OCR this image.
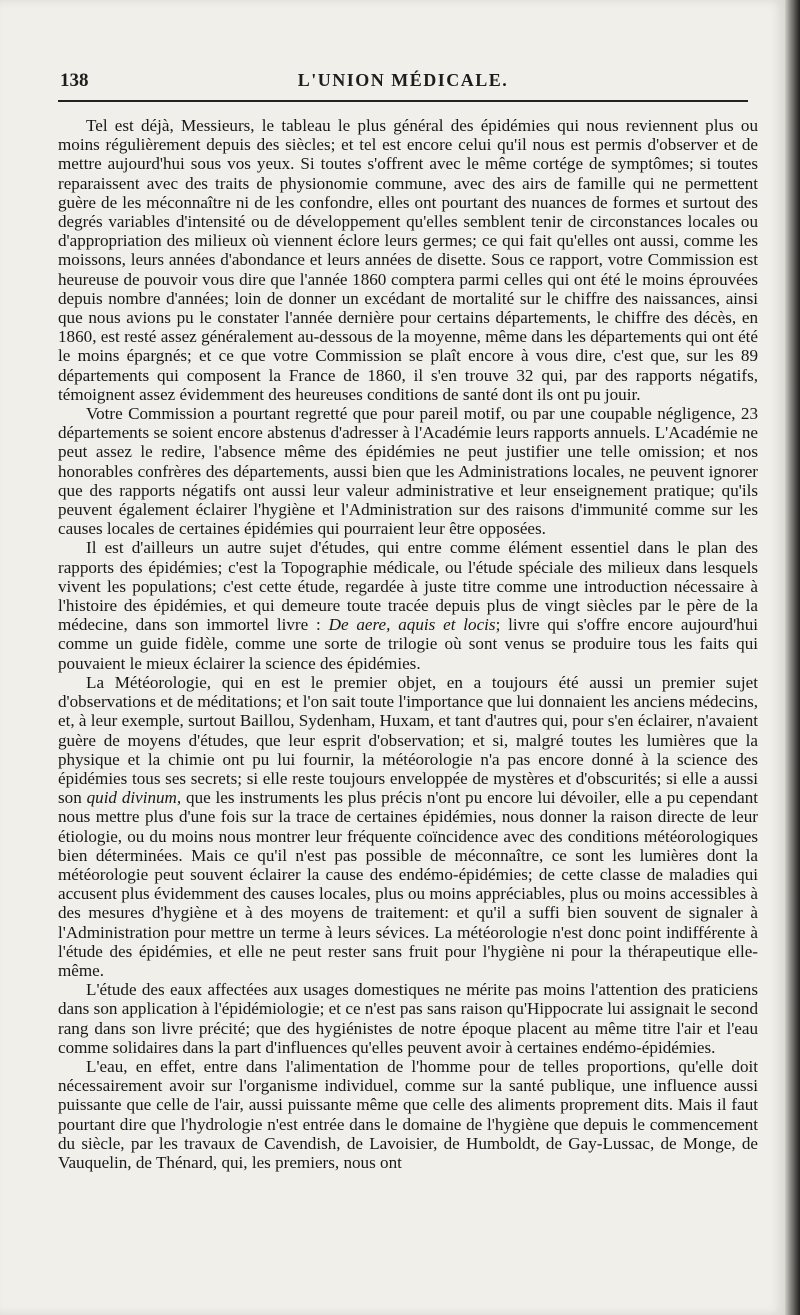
138	L'UNION MÉDICALE.

Tel est déjà, Messieurs, le tableau le plus général des épidémies qui nous reviennent plus ou moins régulièrement depuis des siècles; et tel est encore celui qu'il nous est permis d'observer et de mettre aujourd'hui sous vos yeux. Si toutes s'offrent avec le même cortége de symptômes; si toutes reparaissent avec des traits de physionomie commune, avec des airs de famille qui ne permettent guère de les méconnaître ni de les confondre, elles ont pourtant des nuances de formes et surtout des degrés variables d'intensité ou de développement qu'elles semblent tenir de circonstances locales ou d'appropriation des milieux où viennent éclore leurs germes; ce qui fait qu'elles ont aussi, comme les moissons, leurs années d'abondance et leurs années de disette. Sous ce rapport, votre Commission est heureuse de pouvoir vous dire que l'année 1860 comptera parmi celles qui ont été le moins éprouvées depuis nombre d'années; loin de donner un excédant de mortalité sur le chiffre des naissances, ainsi que nous avions pu le constater l'année dernière pour certains départements, le chiffre des décès, en 1860, est resté assez généralement au-dessous de la moyenne, même dans les départements qui ont été le moins épargnés; et ce que votre Commission se plaît encore à vous dire, c'est que, sur les 89 départements qui composent la France de 1860, il s'en trouve 32 qui, par des rapports négatifs, témoignent assez évidemment des heureuses conditions de santé dont ils ont pu jouir.

Votre Commission a pourtant regretté que pour pareil motif, ou par une coupable négligence, 23 départements se soient encore abstenus d'adresser à l'Académie leurs rapports annuels. L'Académie ne peut assez le redire, l'absence même des épidémies ne peut justifier une telle omission; et nos honorables confrères des départements, aussi bien que les Administrations locales, ne peuvent ignorer que des rapports négatifs ont aussi leur valeur administrative et leur enseignement pratique; qu'ils peuvent également éclairer l'hygiène et l'Administration sur des raisons d'immunité comme sur les causes locales de certaines épidémies qui pourraient leur être opposées.

Il est d'ailleurs un autre sujet d'études, qui entre comme élément essentiel dans le plan des rapports des épidémies; c'est la Topographie médicale, ou l'étude spéciale des milieux dans lesquels vivent les populations; c'est cette étude, regardée à juste titre comme une introduction nécessaire à l'histoire des épidémies, et qui demeure toute tracée depuis plus de vingt siècles par le père de la médecine, dans son immortel livre : De aere, aquis et locis; livre qui s'offre encore aujourd'hui comme un guide fidèle, comme une sorte de trilogie où sont venus se produire tous les faits qui pouvaient le mieux éclairer la science des épidémies.

La Météorologie, qui en est le premier objet, en a toujours été aussi un premier sujet d'observations et de méditations; et l'on sait toute l'importance que lui donnaient les anciens médecins, et, à leur exemple, surtout Baillou, Sydenham, Huxam, et tant d'autres qui, pour s'en éclairer, n'avaient guère de moyens d'études, que leur esprit d'observation; et si, malgré toutes les lumières que la physique et la chimie ont pu lui fournir, la météorologie n'a pas encore donné à la science des épidémies tous ses secrets; si elle reste toujours enveloppée de mystères et d'obscurités; si elle a aussi son quid divinum, que les instruments les plus précis n'ont pu encore lui dévoiler, elle a pu cependant nous mettre plus d'une fois sur la trace de certaines épidémies, nous donner la raison directe de leur étiologie, ou du moins nous montrer leur fréquente coïncidence avec des conditions météorologiques bien déterminées. Mais ce qu'il n'est pas possible de méconnaître, ce sont les lumières dont la météorologie peut souvent éclairer la cause des endémo-épidémies; de cette classe de maladies qui accusent plus évidemment des causes locales, plus ou moins appréciables, plus ou moins accessibles à des mesures d'hygiène et à des moyens de traitement: et qu'il a suffi bien souvent de signaler à l'Administration pour mettre un terme à leurs sévices. La météorologie n'est donc point indifférente à l'étude des épidémies, et elle ne peut rester sans fruit pour l'hygiène ni pour la thérapeutique elle-même.

L'étude des eaux affectées aux usages domestiques ne mérite pas moins l'attention des praticiens dans son application à l'épidémiologie; et ce n'est pas sans raison qu'Hippocrate lui assignait le second rang dans son livre précité; que des hygiénistes de notre époque placent au même titre l'air et l'eau comme solidaires dans la part d'influences qu'elles peuvent avoir à certaines endémo-épidémies.

L'eau, en effet, entre dans l'alimentation de l'homme pour de telles proportions, qu'elle doit nécessairement avoir sur l'organisme individuel, comme sur la santé publique, une influence aussi puissante que celle de l'air, aussi puissante même que celle des aliments proprement dits. Mais il faut pourtant dire que l'hydrologie n'est entrée dans le domaine de l'hygiène que depuis le commencement du siècle, par les travaux de Cavendish, de Lavoisier, de Humboldt, de Gay-Lussac, de Monge, de Vauquelin, de Thénard, qui, les premiers, nous ont
